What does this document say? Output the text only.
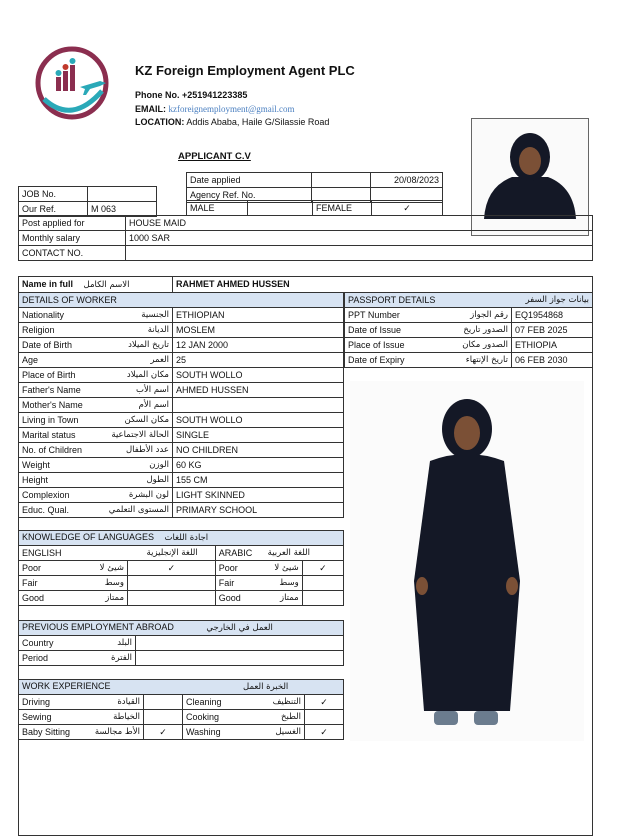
KZ Foreign Employment Agent PLC
Phone No. +251941223385
EMAIL: kzforeignemployment@gmail.com
LOCATION: Addis Ababa, Haile G/Silassie Road
APPLICANT C.V
Date applied		20/08/2023
Agency Ref. No.		
JOB No.	
Our Ref.	M 063	MALE		FEMALE	✓
Post applied for	HOUSE MAID
Monthly salary	1000 SAR
CONTACT NO.	
Name in full الاسم الكامل	RAHMET AHMED HUSSEN
DETAILS OF WORKER	
Nationality الجنسية	ETHIOPIAN
Religion الديانة	MOSLEM
Date of Birth تاريخ الميلاد	12 JAN 2000
Age العمر	25
Place of Birth مكان الميلاد	SOUTH WOLLO
Father's Name اسم الأب	AHMED HUSSEN
Mother's Name اسم الأم	

Living in Town مكان السكن	SOUTH WOLLO
Marital status الحالة الاجتماعية	SINGLE
No. of Children عدد الأطفال	NO CHILDREN
Weight الوزن	60 KG
Height الطول	155 CM
Complexion لون البشرة	LIGHT SKINNED
Educ. Qual. المستوى التعلمي	PRIMARY SCHOOL
PASSPORT DETAILS بيانات جواز السفر	

PPT Number رقم الجواز	EQ1954868
Date of Issue الصدور تاريخ	07 FEB 2025
Place of Issue الصدور مكان	ETHIOPIA
Date of Expiry تاريخ الإنتهاء	06 FEB 2030
KNOWLEDGE OF LANGUAGES اجادة اللغات			
ENGLISH اللغة الإنجليزية		ARABIC اللغة العربية	

Poor شيئ لا	✓	Poor شيئ لا	✓
Fair وسط		Fair وسط	

Good ممتاز		Good ممتاز	

PREVIOUS EMPLOYMENT ABROAD العمل في الخارجي	
Country البلد	

Period الفترة	

WORK EXPERIENCE الخبرة العمل			
Driving القيادة		Cleaning التنظيف	✓
Sewing الخياطة		Cooking الطبخ	

Baby Sitting الأط مجالسة	✓	Washing الغسيل	✓
